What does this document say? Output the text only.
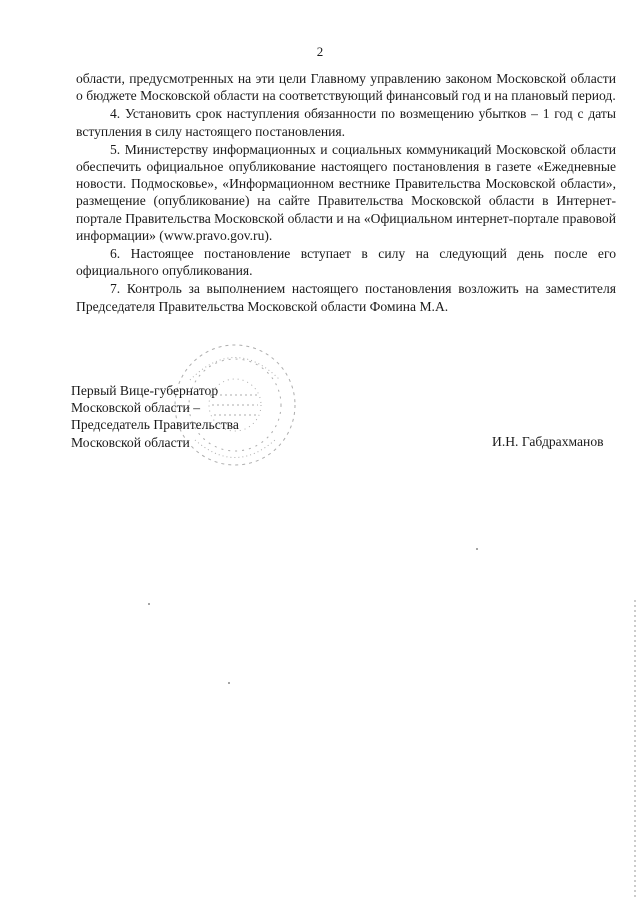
2

области, предусмотренных на эти цели Главному управлению законом Московской области о бюджете Московской области на соответствующий финансовый год и на плановый период.

4. Установить срок наступления обязанности по возмещению убытков – 1 год с даты вступления в силу настоящего постановления.

5. Министерству информационных и социальных коммуникаций Московской области обеспечить официальное опубликование настоящего постановления в газете «Ежедневные новости. Подмосковье», «Информационном вестнике Правительства Московской области», размещение (опубликование) на сайте Правительства Московской области в Интернет-портале Правительства Московской области и на «Официальном интернет-портале правовой информации» (www.pravo.gov.ru).

6. Настоящее постановление вступает в силу на следующий день после его официального опубликования.

7. Контроль за выполнением настоящего постановления возложить на заместителя Председателя Правительства Московской области Фомина М.А.

Первый Вице-губернатор
Московской области –
Председатель Правительства
Московской области	И.Н. Габдрахманов
